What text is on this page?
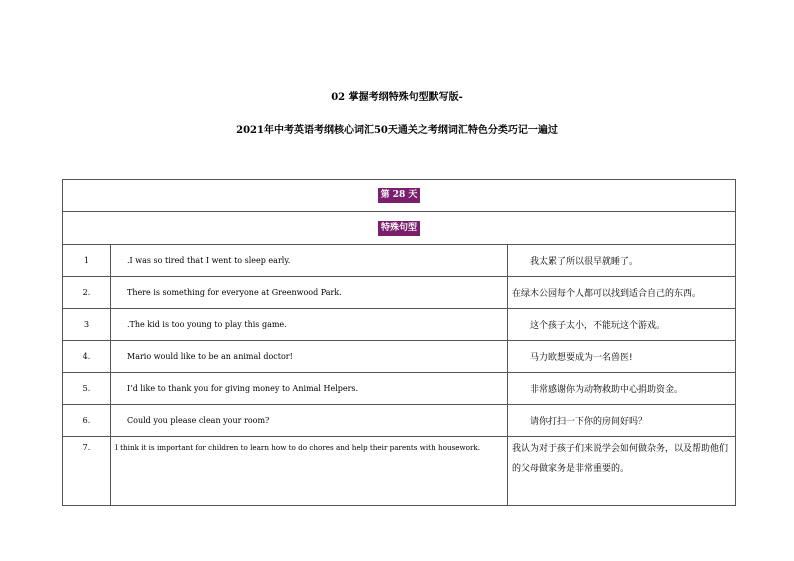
02 掌握考纲特殊句型默写版-
2021年中考英语考纲核心词汇50天通关之考纲词汇特色分类巧记一遍过
第 28 天		
特殊句型		
1	.I was so tired that I went to sleep early.	我太累了所以很早就睡了。
2.	There is something for everyone at Greenwood Park.	在绿木公园每个人都可以找到适合自己的东西。
3	.The kid is too young to play this game.	这个孩子太小，不能玩这个游戏。
4.	Mario would like to be an animal doctor!	马力欧想要成为一名兽医!
5.	I’d like to thank you for giving money to Animal Helpers.	非常感谢你为动物救助中心捐助资金。
6.	Could you please clean your room?	请你打扫一下你的房间好吗？
7.	I think it is important for children to learn how to do chores and help their parents with housework.	我认为对于孩子们来说学会如何做杂务，以及帮助他们的父母做家务是非常重要的。
